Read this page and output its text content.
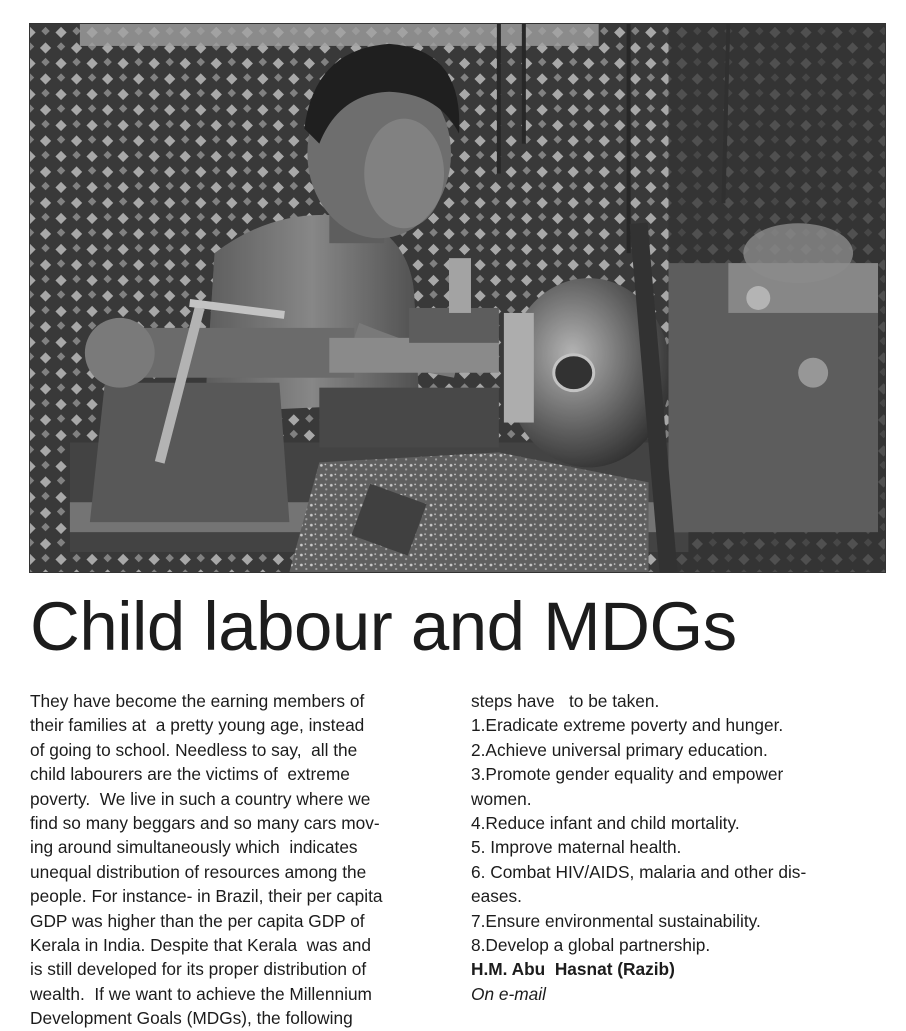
Child labour and MDGs
They have become the earning members of
their families at  a pretty young age, instead
of going to school. Needless to say,  all the
child labourers are the victims of  extreme
poverty.  We live in such a country where we
find so many beggars and so many cars mov-
ing around simultaneously which  indicates
unequal distribution of resources among the
people. For instance- in Brazil, their per capita
GDP was higher than the per capita GDP of
Kerala in India. Despite that Kerala  was and
is still developed for its proper distribution of
wealth.  If we want to achieve the Millennium
Development Goals (MDGs), the following
steps have   to be taken.
1.Eradicate extreme poverty and hunger.
2.Achieve universal primary education.
3.Promote gender equality and empower
women.
4.Reduce infant and child mortality.
5. Improve maternal health.
6. Combat HIV/AIDS, malaria and other dis-
eases.
7.Ensure environmental sustainability.
8.Develop a global partnership.
H.M. Abu  Hasnat (Razib)
On e-mail
